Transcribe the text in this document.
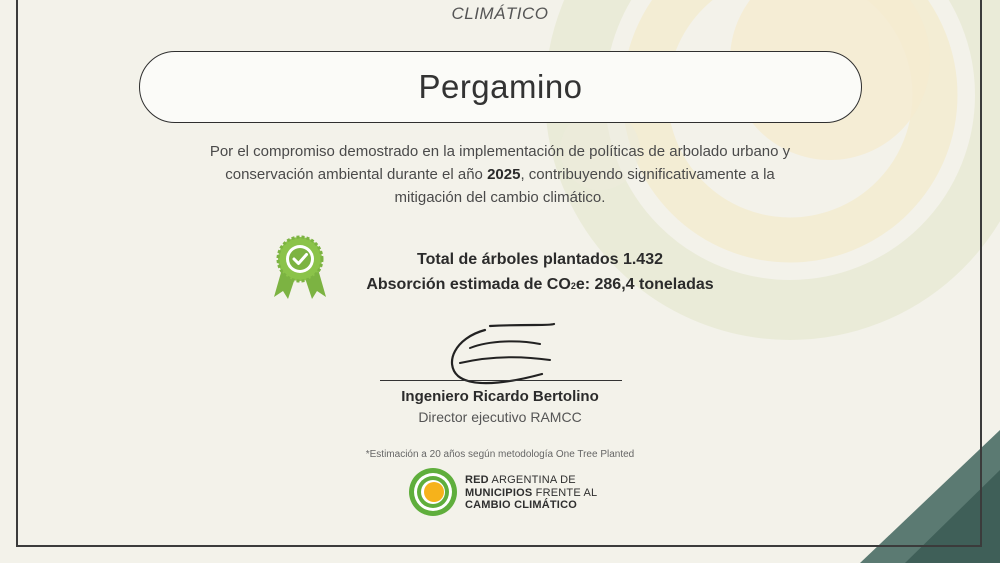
CLIMÁTICO
Pergamino
Por el compromiso demostrado en la implementación de políticas de arbolado urbano y conservación ambiental durante el año 2025, contribuyendo significativamente a la mitigación del cambio climático.
Total de árboles plantados 1.432
Absorción estimada de CO2e: 286,4 toneladas
Ingeniero Ricardo Bertolino
Director ejecutivo RAMCC
*Estimación a 20 años según metodología One Tree Planted
RED ARGENTINA DE
MUNICIPIOS FRENTE AL
CAMBIO CLIMÁTICO
